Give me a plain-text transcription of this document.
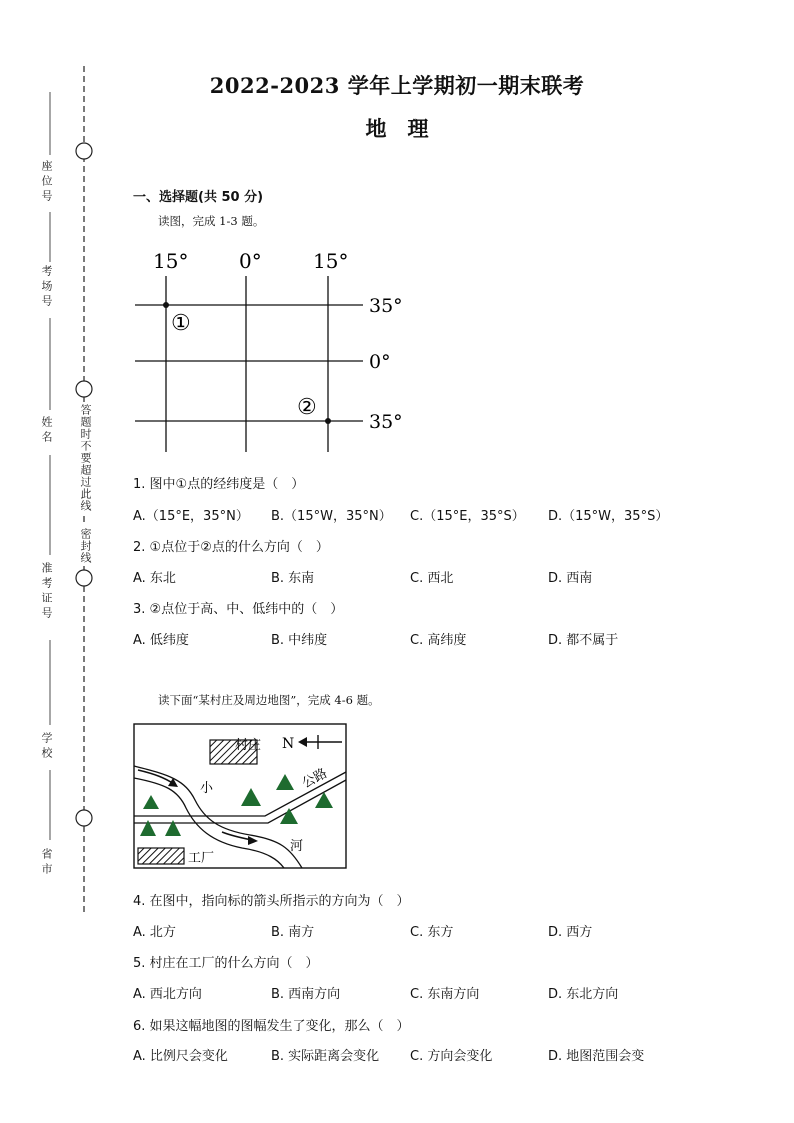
座位号
考场号
姓名
准考证号
学校
省市
答题时不要超过此线
密封线
2022-2023 学年上学期初一期末联考
地　理
一、选择题(共 50 分)
读图，完成 1-3 题。
15°	0°	15°
35°
0°
35°
①
②
1. 图中①点的经纬度是（　）
A.（15°E，35°N） B.（15°W，35°N） C.（15°E，35°S） D.（15°W，35°S）
2. ①点位于②点的什么方向（　）
A. 东北	B. 东南	C. 西北	D. 西南
3. ②点位于高、中、低纬中的（　）
A. 低纬度	B. 中纬度	C. 高纬度	D. 都不属于
读下面“某村庄及周边地图”，完成 4-6 题。
村庄 N
公路
小
河
工厂
4. 在图中，指向标的箭头所指示的方向为（　）
A. 北方	B. 南方	C. 东方	D. 西方
5. 村庄在工厂的什么方向（　）
A. 西北方向	B. 西南方向	C. 东南方向	D. 东北方向
6. 如果这幅地图的图幅发生了变化，那么（　）
A. 比例尺会变化	B. 实际距离会变化 C. 方向会变化	D. 地图范围会变
